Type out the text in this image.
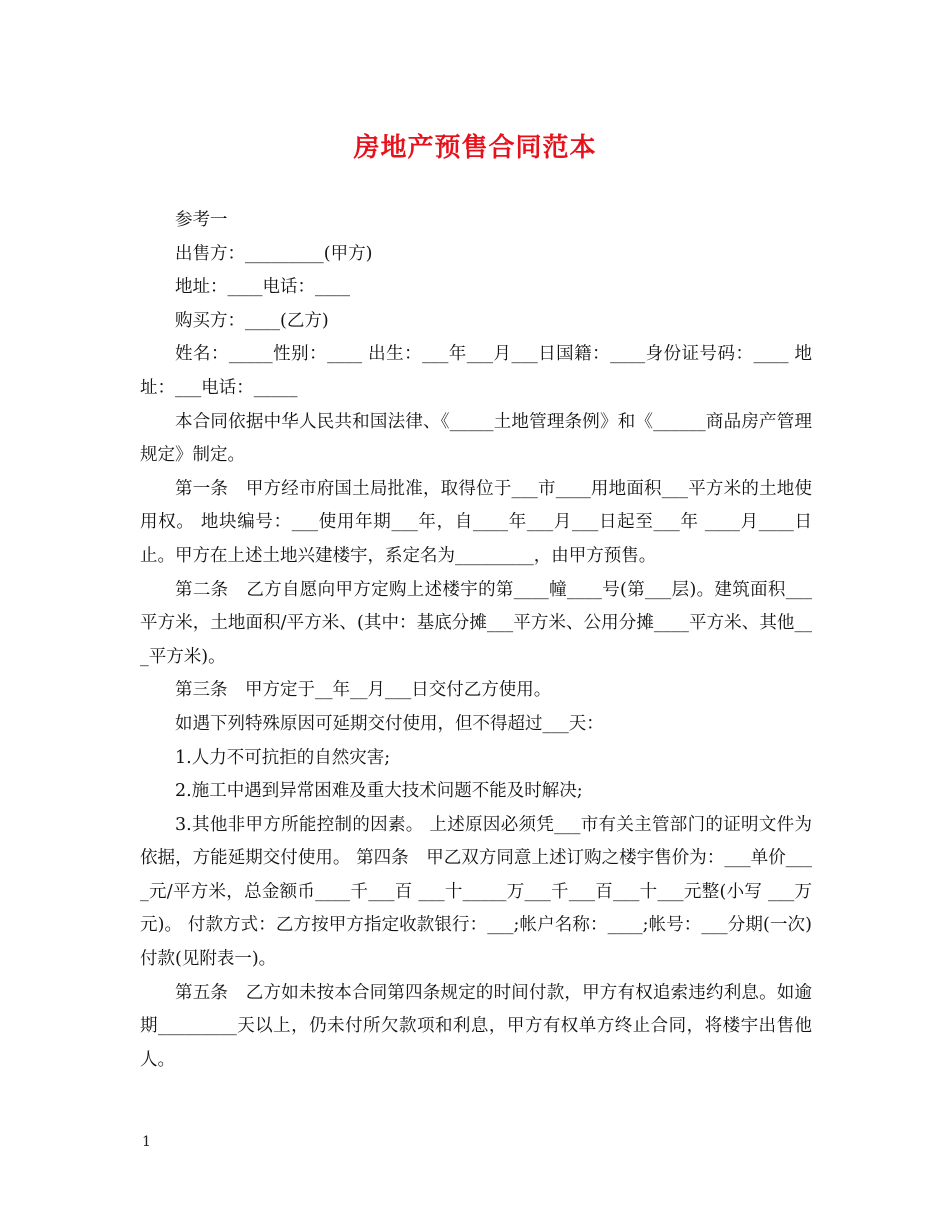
房地产预售合同范本

参考一

出售方：_________(甲方)

地址：____电话：____

购买方：____(乙方)

姓名：_____性别：____ 出生：___年___月___日国籍：____身份证号码：____ 地址：___电话：_____

本合同依据中华人民共和国法律、《_____土地管理条例》和《______商品房产管理规定》制定。

第一条　甲方经市府国土局批准，取得位于___市____用地面积___平方米的土地使用权。 地块编号：___使用年期___年，自____年___月___日起至___年 ____月____日止。甲方在上述土地兴建楼宇，系定名为_________，由甲方预售。

第二条　乙方自愿向甲方定购上述楼宇的第____幢____号(第___层)。建筑面积___平方米，土地面积/平方米、(其中：基底分摊___平方米、公用分摊____平方米、其他___平方米)。

第三条　甲方定于__年__月___日交付乙方使用。

如遇下列特殊原因可延期交付使用，但不得超过___天：

1.人力不可抗拒的自然灾害;

2.施工中遇到异常困难及重大技术问题不能及时解决;

3.其他非甲方所能控制的因素。 上述原因必须凭___市有关主管部门的证明文件为依据，方能延期交付使用。 第四条　甲乙双方同意上述订购之楼宇售价为：___单价____元/平方米，总金额币____千___百 ___十_____万___千___百___十___元整(小写 ___万元)。 付款方式：乙方按甲方指定收款银行：___;帐户名称：____;帐号：___分期(一次)付款(见附表一)。

第五条　乙方如未按本合同第四条规定的时间付款，甲方有权追索违约利息。如逾期_________天以上，仍未付所欠款项和利息，甲方有权单方终止合同，将楼宇出售他人。

1
